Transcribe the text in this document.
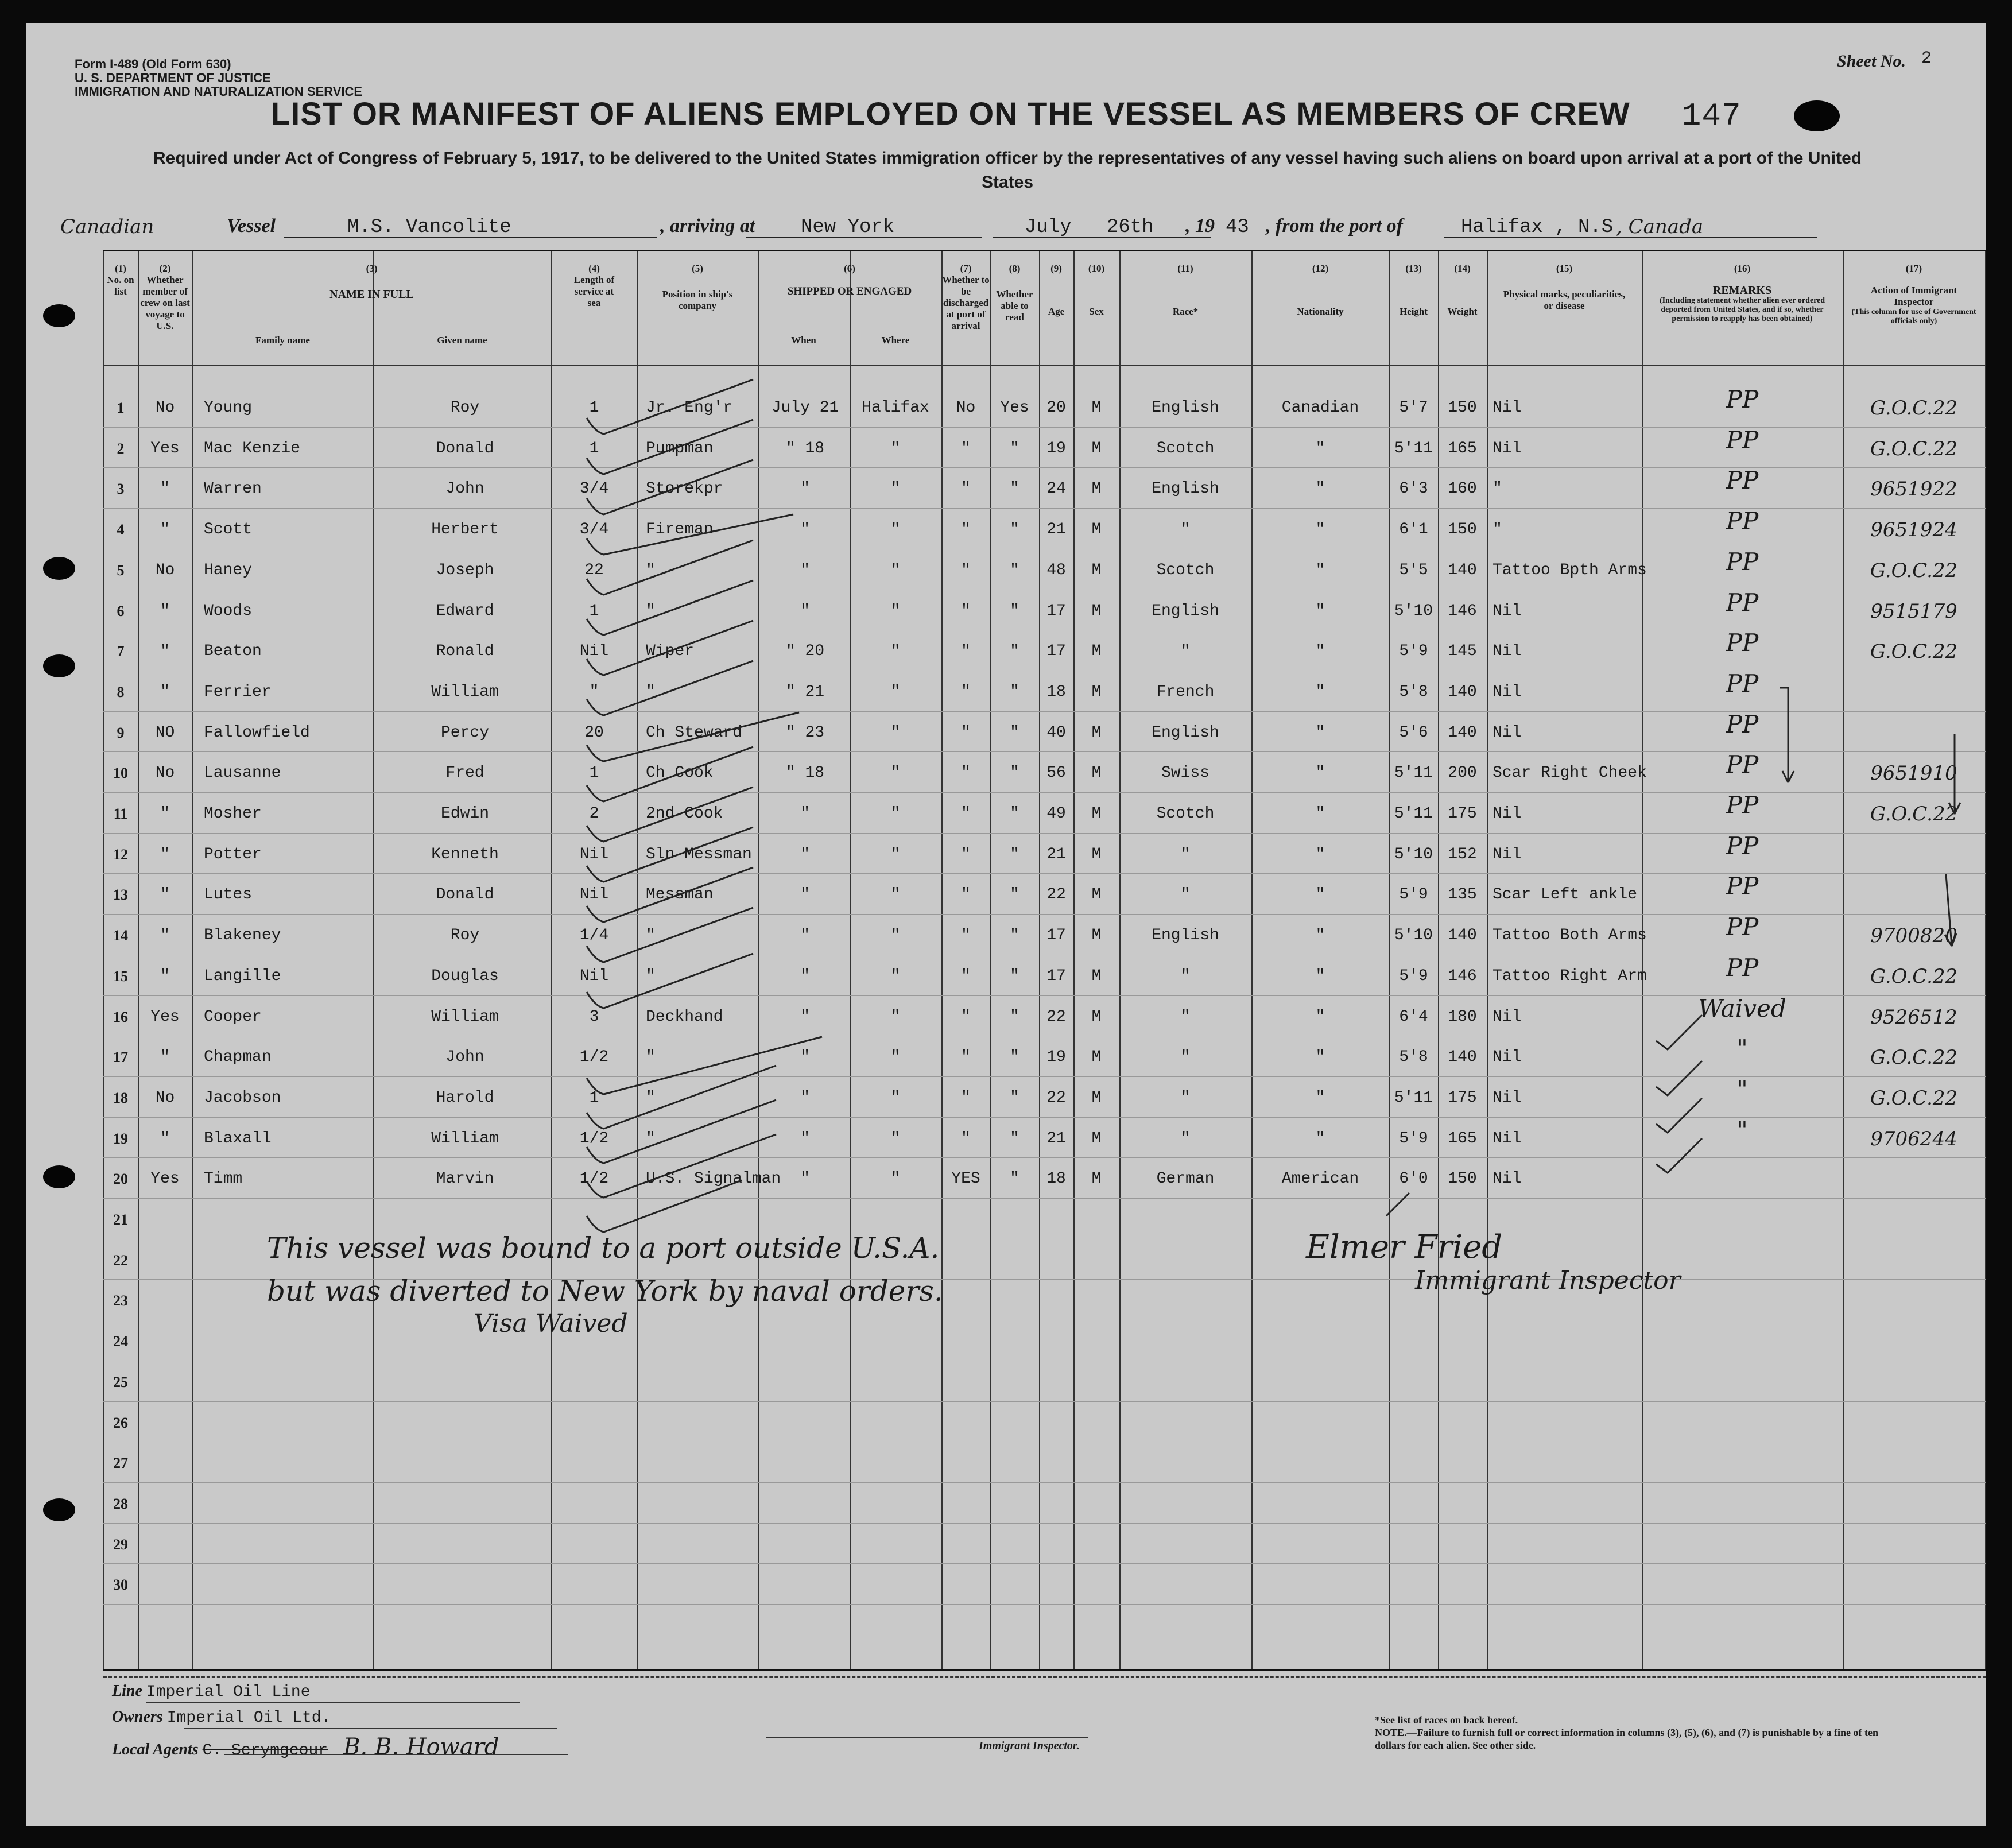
Form I-489 (Old Form 630)
U. S. DEPARTMENT OF JUSTICE
IMMIGRATION AND NATURALIZATION SERVICE
Sheet No. 2
LIST OR MANIFEST OF ALIENS EMPLOYED ON THE VESSEL AS MEMBERS OF CREW 147
Required under Act of Congress of February 5, 1917, to be delivered to the United States immigration officer by the representatives of any vessel having such aliens on board upon arrival at a port of the United States
Canadian	Vessel	M.S. Vancolite	, arriving at New York	July   26th , 19 43 , from the port of	Halifax , N.S , Canada
(1)
No. on list
(2)
Whether member of crew on last voyage to U.S.
(3)
NAME IN FULL
Family name	Given name
(4)
Length of service at sea
(5)
Position in ship's company
(6)
SHIPPED OR ENGAGED
When	Where
(7)
Whether to be discharged at port of arrival
(8)
Whether able to read
(9)
Age
(10)
Sex
(11)
Race*
(12)
Nationality
(13)
Height
(14)
Weight
(15)
Physical marks, peculiarities, or disease
(16)
REMARKS
(Including statement whether alien ever ordered deported from United States, and if so, whether permission to reapply has been obtained)
(17)
Action of Immigrant Inspector
(This column for use of Government officials only)
1	No	Young	Roy	1	Jr. Eng'r	July 21	Halifax	No	Yes	20	M	English	Canadian	5'7	150 Nil	PP	G.O.C.22
2	Yes	Mac Kenzie	Donald	1	Pumpman	" 18	"	"	"	19	M	Scotch	"	5'11 165 Nil	PP	G.O.C.22
3	"	Warren	John	3/4	Storekpr	"	"	"	"	24	M	English	"	6'3	160 "	PP	9651922
4	"	Scott	Herbert	3/4	Fireman	"	"	"	"	21	M	"	"	6'1	150 "	PP	9651924
5	No	Haney	Joseph	22	"	"	"	"	"	48	M	Scotch	"	5'5	140 Tattoo Bpth Arms	PP	G.O.C.22
6	"	Woods	Edward	1	"	"	"	"	"	17	M	English	"	5'10 146 Nil	PP	9515179
7	"	Beaton	Ronald	Nil	Wiper	" 20	"	"	"	17	M	"	"	5'9	145 Nil	PP	G.O.C.22
8	"	Ferrier	William	"	"	" 21	"	"	"	18	M	French	"	5'8	140 Nil	PP
9	NO	Fallowfield	Percy	20	Ch Steward	" 23	"	"	"	40	M	English	"	5'6	140 Nil	PP
10	No	Lausanne	Fred	1	Ch Cook	" 18	"	"	"	56	M	Swiss	"	5'11 200 Scar Right Cheek	PP	9651910
11	"	Mosher	Edwin	2	2nd Cook	"	"	"	"	49	M	Scotch	"	5'11 175 Nil	PP	G.O.C.22
12	"	Potter	Kenneth	Nil	Sln Messman	"	"	"	"	21	M	"	"	5'10 152 Nil	PP
13	"	Lutes	Donald	Nil	Messman	"	"	"	"	22	M	"	"	5'9	135 Scar Left ankle	PP
14	"	Blakeney	Roy	1/4	"	"	"	"	"	17	M	English	"	5'10 140 Tattoo Both Arms	PP	9700820
15	"	Langille	Douglas	Nil	"	"	"	"	"	17	M	"	"	5'9	146 Tattoo Right Arm	PP	G.O.C.22
16	Yes	Cooper	William	3	Deckhand	"	"	"	"	22	M	"	"	6'4	180 Nil	Waived	9526512
17	"	Chapman	John	1/2	"	"	"	"	"	19	M	"	"	5'8	140 Nil	"	G.O.C.22
18	No	Jacobson	Harold	1	"	"	"	"	"	22	M	"	"	5'11 175 Nil	"	G.O.C.22
19	"	Blaxall	William	1/2	"	"	"	"	"	21	M	"	"	5'9	165 Nil	"	9706244
20	Yes	Timm	Marvin	1/2	U.S. Signalman	"	"	YES	"	18	M	German	American	6'0	150 Nil
21
22
23
24
25
26
27
28
29
30
This vessel was bound to a port outside U.S.A.
but was diverted to New York by naval orders.
Visa Waived
Elmer Fried
Immigrant Inspector
Line Imperial Oil Line
Owners Imperial Oil Ltd.
Local Agents C. Scrymgeour B. B. Howard	Immigrant Inspector.
*See list of races on back hereof.
NOTE.—Failure to furnish full or correct information in columns (3), (5), (6), and (7) is punishable by a fine of ten dollars for each alien. See other side.
